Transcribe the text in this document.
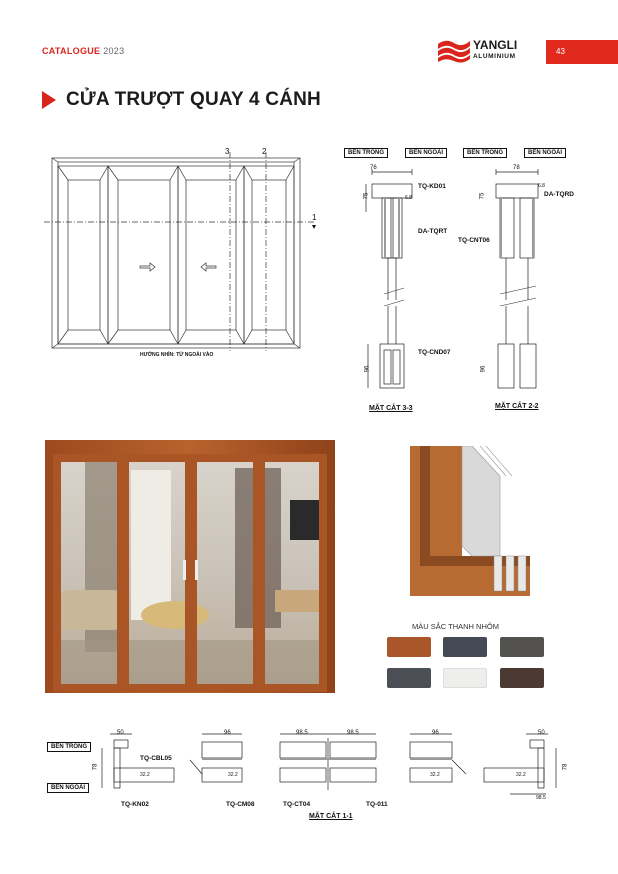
CATALOGUE 2023	YANGLI
ALUMINIUM
43
CỬA TRƯỢT QUAY 4 CÁNH
3	2
1
HƯỚNG NHÌN: TỪ NGOÀI VÀO
BÊN TRONG	BÊN NGOÀI	BÊN TRONG	BÊN NGOÀI
76
75	6.8
96
TQ-KD01
DA-TQRT
TQ-CND07
MẶT CẮT 3-3
78
75
6.8
96
DA-TQRD
TQ-CNT06
MẶT CẮT 2-2
MÀU SẮC THANH NHÔM
BÊN TRONG
BÊN NGOÀI
50	96	98.5	98.5	96	50
78	78
32.2	32.2	32.2	32.2
98.5
TQ-CBL05
TQ-KN02	TQ-CM08	TQ-CT04	TQ-011
MẶT CẮT 1-1
